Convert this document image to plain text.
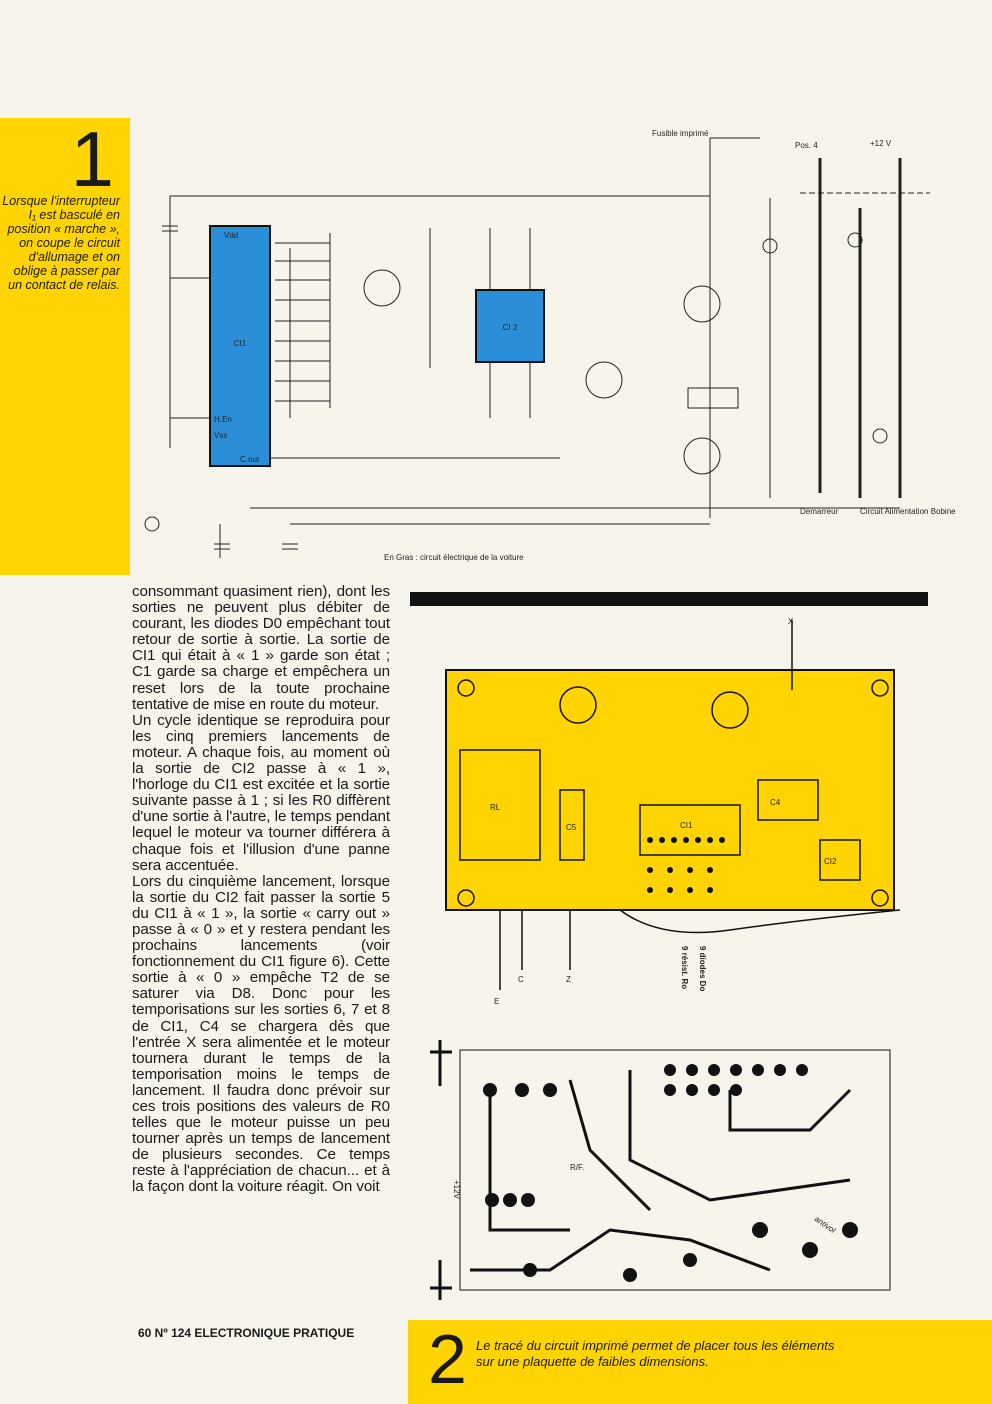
1
Lorsque l'interrupteur I₁ est basculé en position « marche », on coupe le circuit d'allumage et on oblige à passer par un contact de relais.
CI1
CI 2
Vdd
Vss
H.En
C.out
Fusible imprimé
Pos. 4	+12 V
Démarreur	Circuit Alimentation Bobine
En Gras : circuit électrique de la voiture

consommant quasiment rien), dont les sorties ne peuvent plus débiter de courant, les diodes D0 empêchant tout retour de sortie à sortie. La sortie de CI1 qui était à « 1 » garde son état ; C1 garde sa charge et empêchera un reset lors de la toute prochaine tentative de mise en route du moteur.

Un cycle identique se reproduira pour les cinq premiers lancements de moteur. A chaque fois, au moment où la sortie de CI2 passe à « 1 », l'horloge du CI1 est excitée et la sortie suivante passe à 1 ; si les R0 diffèrent d'une sortie à l'autre, le temps pendant lequel le moteur va tourner différera à chaque fois et l'illusion d'une panne sera accentuée.

Lors du cinquième lancement, lorsque la sortie du CI2 fait passer la sortie 5 du CI1 à « 1 », la sortie « carry out » passe à « 0 » et y restera pendant les prochains lancements (voir fonctionnement du CI1 figure 6). Cette sortie à « 0 » empêche T2 de se saturer via D8. Donc pour les temporisations sur les sorties 6, 7 et 8 de CI1, C4 se chargera dès que l'entrée X sera alimentée et le moteur tournera durant le temps de la temporisation moins le temps de lancement. Il faudra donc prévoir sur ces trois positions des valeurs de R0 telles que le moteur puisse un peu tourner après un temps de lancement de plusieurs secondes. Ce temps reste à l'appréciation de chacun... et à la façon dont la voiture réagit. On voit

X
E
C	Z
RL
C5
C4
CI1
CI2
9 diodes Do
9 résist. Ro
R/F.
+12V
antivol
60 Nº 124 ELECTRONIQUE PRATIQUE 2 Le tracé du circuit imprimé permet de placer tous les éléments sur une plaquette de faibles dimensions.
